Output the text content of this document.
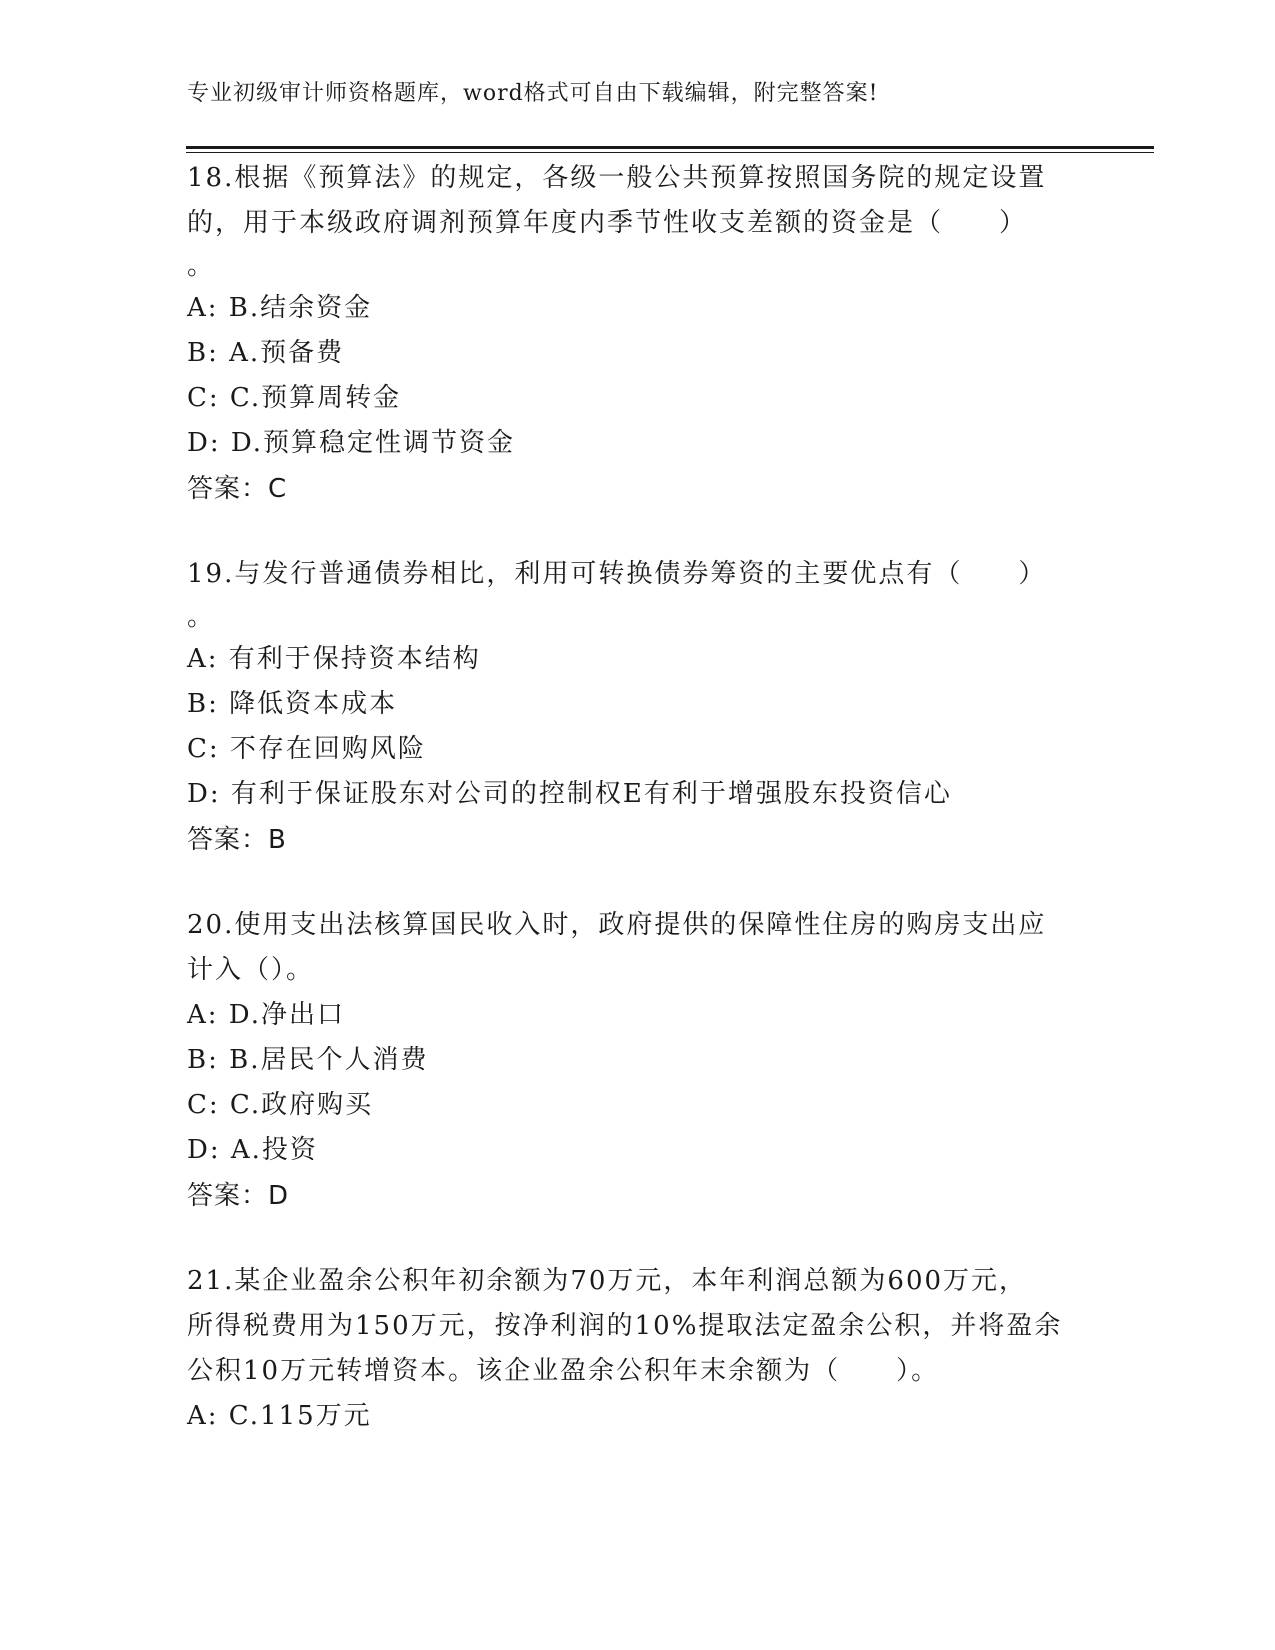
专业初级审计师资格题库，word格式可自由下载编辑，附完整答案!

18.根据《预算法》的规定，各级一般公共预算按照国务院的规定设置

的，用于本级政府调剂预算年度内季节性收支差额的资金是（　　）

。

A: B.结余资金

B: A.预备费

C: C.预算周转金

D: D.预算稳定性调节资金

答案：C

19.与发行普通债券相比，利用可转换债券筹资的主要优点有（　　）

。

A: 有利于保持资本结构

B: 降低资本成本

C: 不存在回购风险

D: 有利于保证股东对公司的控制权E有利于增强股东投资信心

答案：B

20.使用支出法核算国民收入时，政府提供的保障性住房的购房支出应

计入（）。

A: D.净出口

B: B.居民个人消费

C: C.政府购买

D: A.投资

答案：D

21.某企业盈余公积年初余额为70万元，本年利润总额为600万元，

所得税费用为150万元，按净利润的10%提取法定盈余公积，并将盈余

公积10万元转增资本。该企业盈余公积年末余额为（　　）。

A: C.115万元
